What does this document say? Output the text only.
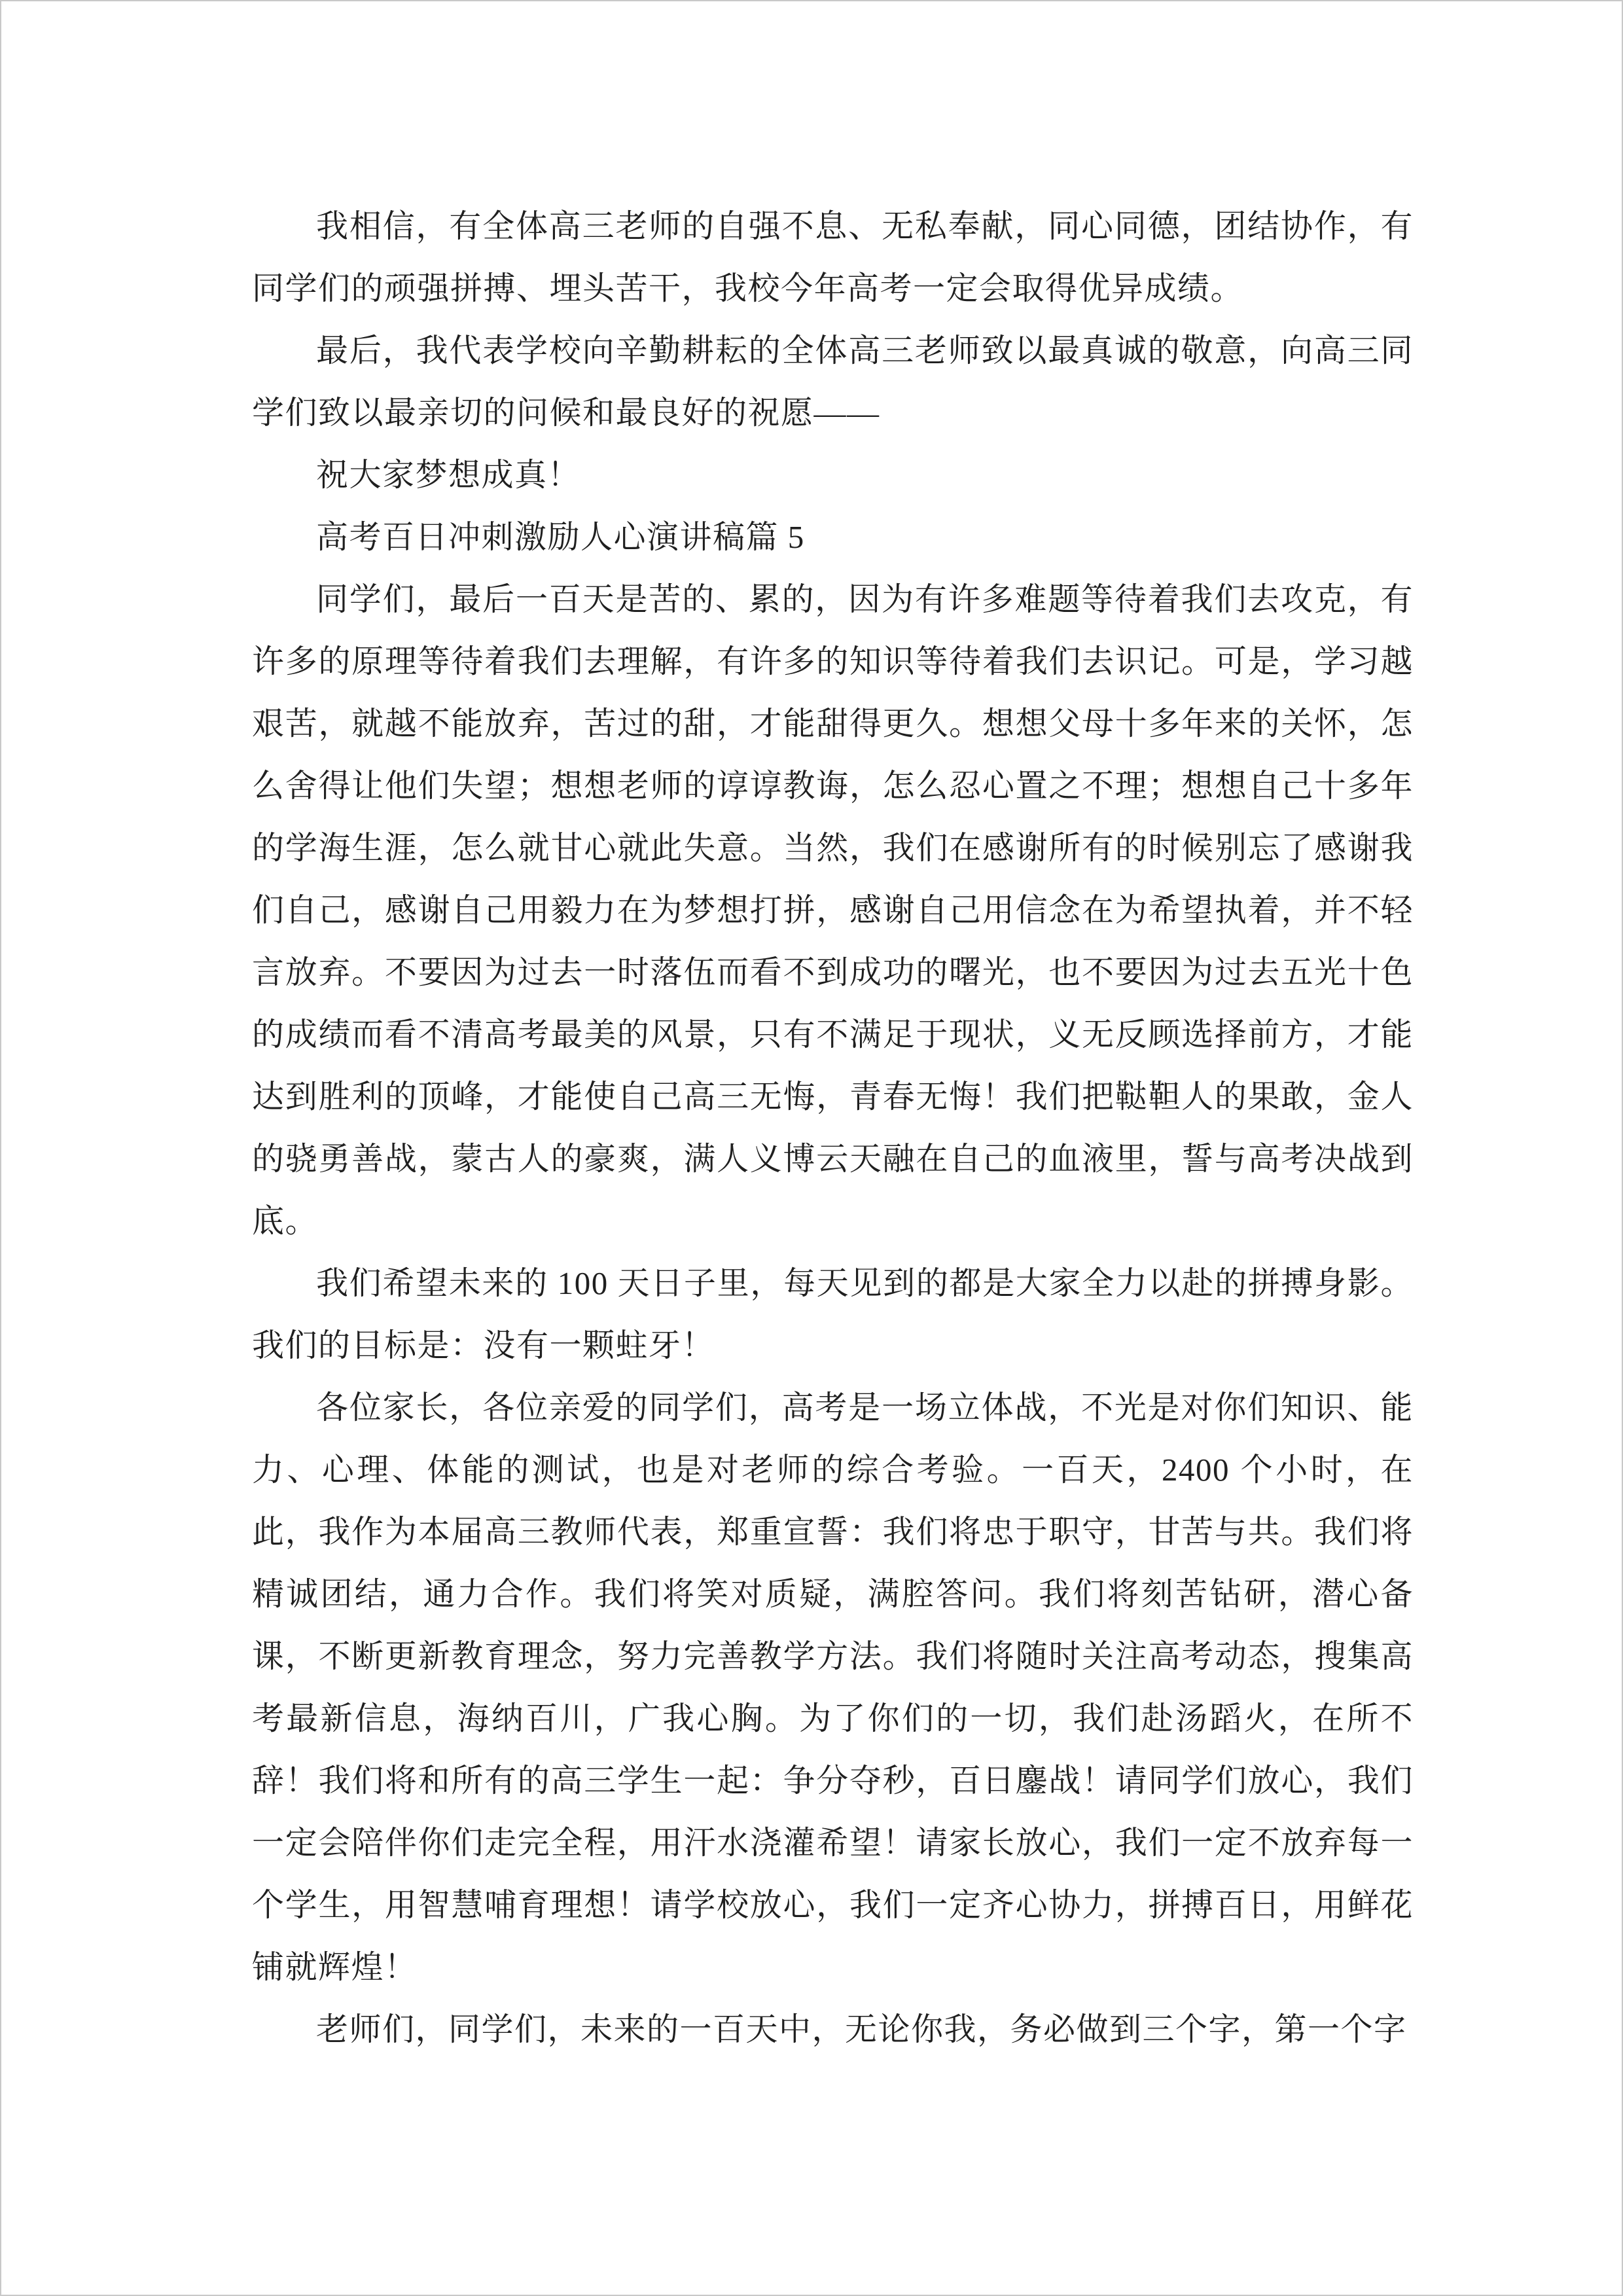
我相信，有全体高三老师的自强不息、无私奉献，同心同德，团结协作，有同学们的顽强拼搏、埋头苦干，我校今年高考一定会取得优异成绩。

最后，我代表学校向辛勤耕耘的全体高三老师致以最真诚的敬意，向高三同学们致以最亲切的问候和最良好的祝愿——

祝大家梦想成真！

高考百日冲刺激励人心演讲稿篇 5

同学们，最后一百天是苦的、累的，因为有许多难题等待着我们去攻克，有许多的原理等待着我们去理解，有许多的知识等待着我们去识记。可是，学习越艰苦，就越不能放弃，苦过的甜，才能甜得更久。想想父母十多年来的关怀，怎么舍得让他们失望；想想老师的谆谆教诲，怎么忍心置之不理；想想自己十多年的学海生涯，怎么就甘心就此失意。当然，我们在感谢所有的时候别忘了感谢我们自己，感谢自己用毅力在为梦想打拼，感谢自己用信念在为希望执着，并不轻言放弃。不要因为过去一时落伍而看不到成功的曙光，也不要因为过去五光十色的成绩而看不清高考最美的风景，只有不满足于现状，义无反顾选择前方，才能达到胜利的顶峰，才能使自己高三无悔，青春无悔！我们把鞑靼人的果敢，金人的骁勇善战，蒙古人的豪爽，满人义博云天融在自己的血液里，誓与高考决战到底。

我们希望未来的 100 天日子里，每天见到的都是大家全力以赴的拼搏身影。我们的目标是：没有一颗蛀牙！

各位家长，各位亲爱的同学们，高考是一场立体战，不光是对你们知识、能力、心理、体能的测试，也是对老师的综合考验。一百天，2400 个小时，在此，我作为本届高三教师代表，郑重宣誓：我们将忠于职守，甘苦与共。我们将精诚团结，通力合作。我们将笑对质疑，满腔答问。我们将刻苦钻研，潜心备课，不断更新教育理念，努力完善教学方法。我们将随时关注高考动态，搜集高考最新信息，海纳百川，广我心胸。为了你们的一切，我们赴汤蹈火，在所不辞！我们将和所有的高三学生一起：争分夺秒，百日鏖战！请同学们放心，我们一定会陪伴你们走完全程，用汗水浇灌希望！请家长放心，我们一定不放弃每一个学生，用智慧哺育理想！请学校放心，我们一定齐心协力，拼搏百日，用鲜花铺就辉煌！

老师们，同学们，未来的一百天中，无论你我，务必做到三个字，第一个字
